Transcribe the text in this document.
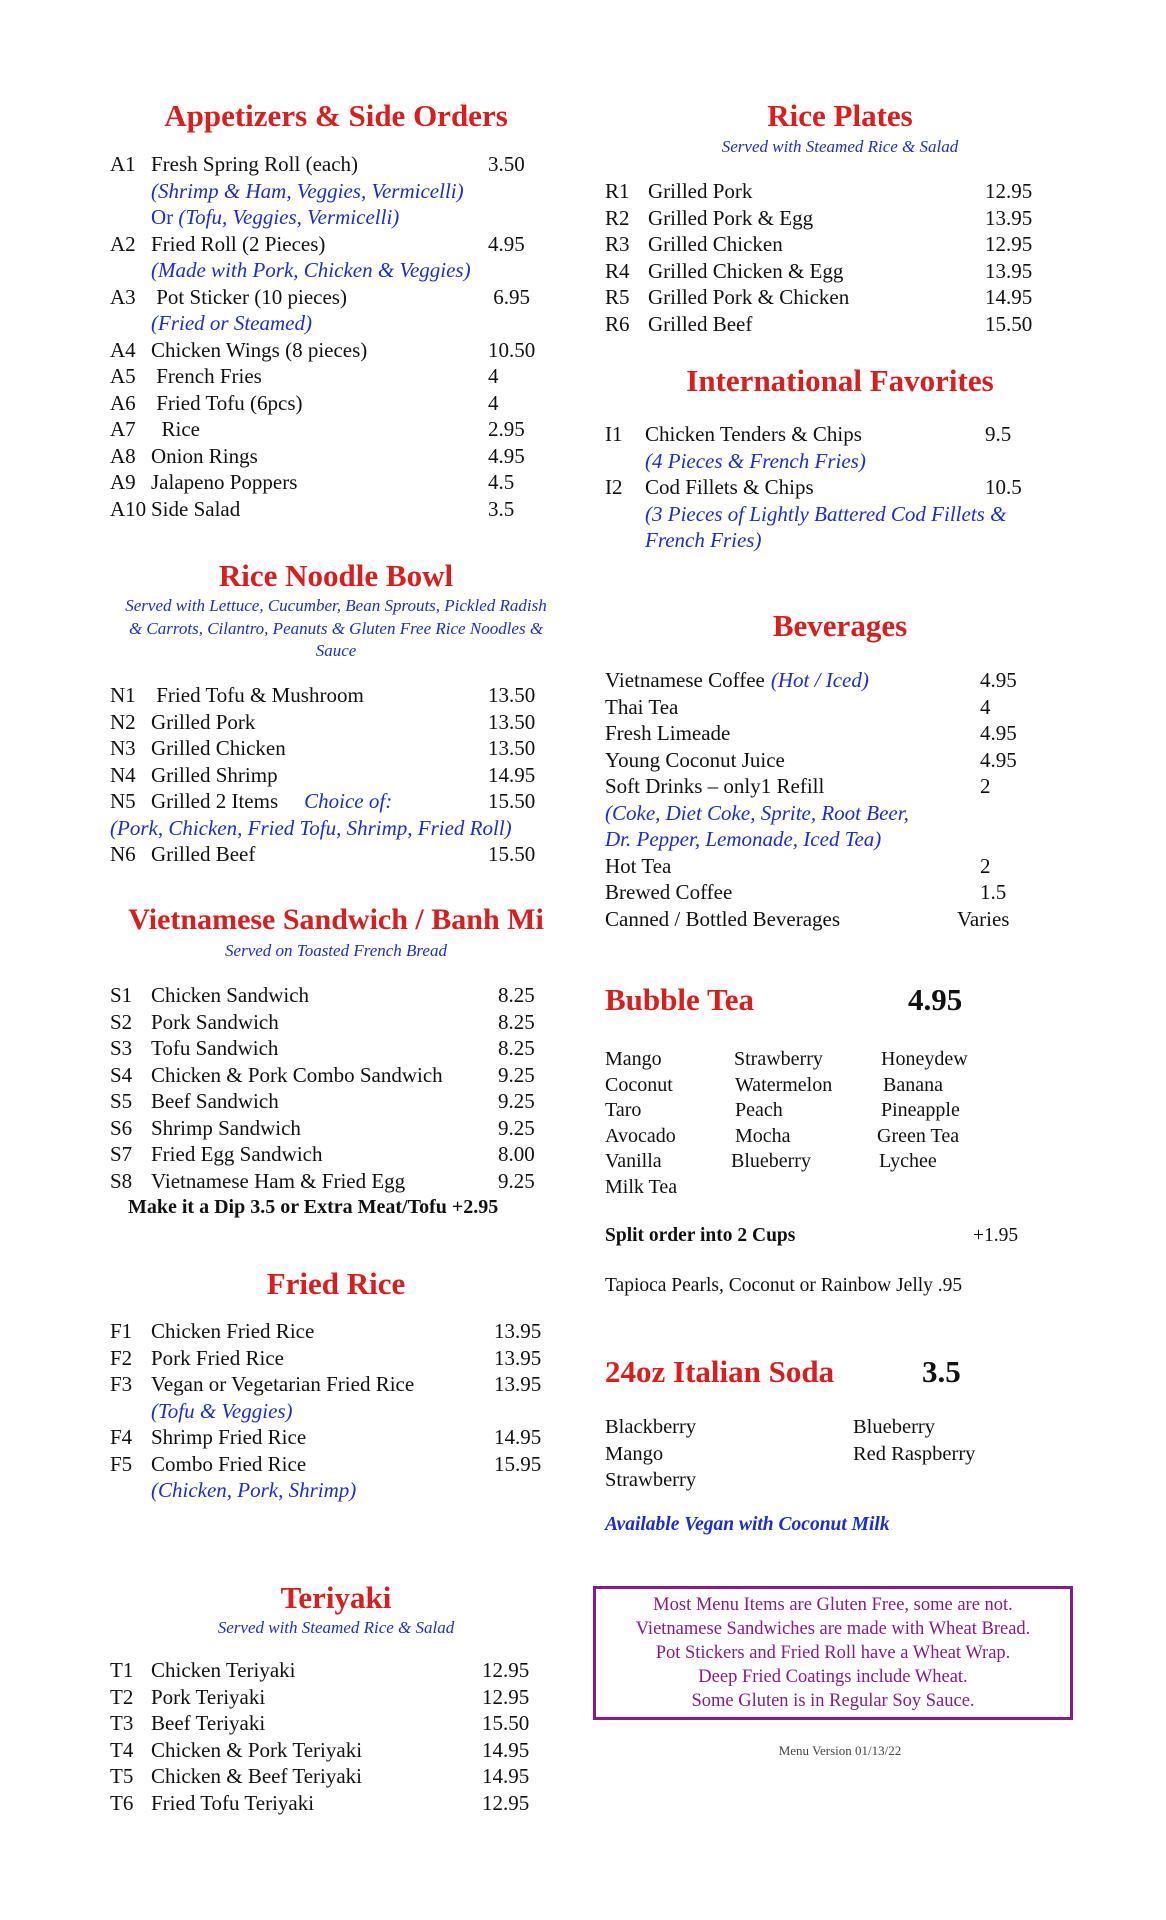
Appetizers & Side Orders
A1 Fresh Spring Roll (each)	3.50
(Shrimp & Ham, Veggies, Vermicelli)
Or (Tofu, Veggies, Vermicelli)
A2 Fried Roll (2 Pieces)	4.95
(Made with Pork, Chicken & Veggies)
A3 Pot Sticker (10 pieces)	6.95
(Fried or Steamed)
A4 Chicken Wings (8 pieces)	10.50
A5 French Fries	4
A6 Fried Tofu (6pcs)	4
A7 Rice	2.95
A8 Onion Rings	4.95
A9 Jalapeno Poppers	4.5
A10 Side Salad	3.5
Rice Noodle Bowl
Served with Lettuce, Cucumber, Bean Sprouts, Pickled Radish & Carrots, Cilantro, Peanuts & Gluten Free Rice Noodles & Sauce
N1 Fried Tofu & Mushroom	13.50
N2 Grilled Pork	13.50
N3 Grilled Chicken	13.50
N4 Grilled Shrimp	14.95
N5 Grilled 2 Items Choice of:	15.50
(Pork, Chicken, Fried Tofu, Shrimp, Fried Roll)
N6 Grilled Beef	15.50
Vietnamese Sandwich / Banh Mi
Served on Toasted French Bread
S1 Chicken Sandwich	8.25
S2 Pork Sandwich	8.25
S3 Tofu Sandwich	8.25
S4 Chicken & Pork Combo Sandwich	9.25
S5 Beef Sandwich	9.25
S6 Shrimp Sandwich	9.25
S7 Fried Egg Sandwich	8.00
S8 Vietnamese Ham & Fried Egg	9.25
Make it a Dip 3.5 or Extra Meat/Tofu +2.95
Fried Rice
F1 Chicken Fried Rice	13.95
F2 Pork Fried Rice	13.95
F3 Vegan or Vegetarian Fried Rice	13.95
(Tofu & Veggies)
F4 Shrimp Fried Rice	14.95
F5 Combo Fried Rice	15.95
(Chicken, Pork, Shrimp)
Teriyaki
Served with Steamed Rice & Salad
T1 Chicken Teriyaki	12.95
T2 Pork Teriyaki	12.95
T3 Beef Teriyaki	15.50
T4 Chicken & Pork Teriyaki	14.95
T5 Chicken & Beef Teriyaki	14.95
T6 Fried Tofu Teriyaki	12.95
Rice Plates
Served with Steamed Rice & Salad
R1 Grilled Pork	12.95
R2 Grilled Pork & Egg	13.95
R3 Grilled Chicken	12.95
R4 Grilled Chicken & Egg	13.95
R5 Grilled Pork & Chicken	14.95
R6 Grilled Beef	15.50
International Favorites
I1 Chicken Tenders & Chips	9.5
(4 Pieces & French Fries)
I2 Cod Fillets & Chips	10.5
(3 Pieces of Lightly Battered Cod Fillets &
French Fries)
Beverages
Vietnamese Coffee (Hot / Iced)	4.95
Thai Tea	4
Fresh Limeade	4.95
Young Coconut Juice	4.95
Soft Drinks – only1 Refill	2
(Coke, Diet Coke, Sprite, Root Beer,
Dr. Pepper, Lemonade, Iced Tea)
Hot Tea	2
Brewed Coffee	1.5
Canned / Bottled Beverages	Varies
Bubble Tea	4.95
Mango	Strawberry	Honeydew
Coconut	Watermelon	Banana
Taro	Peach	Pineapple
Avocado	Mocha	Green Tea
Vanilla	Blueberry	Lychee
Milk Tea
Split order into 2 Cups	+1.95
Tapioca Pearls, Coconut or Rainbow Jelly .95
24oz Italian Soda	3.5
Blackberry	Blueberry
Mango	Red Raspberry
Strawberry
Available Vegan with Coconut Milk
Most Menu Items are Gluten Free, some are not.
Vietnamese Sandwiches are made with Wheat Bread.
Pot Stickers and Fried Roll have a Wheat Wrap.
Deep Fried Coatings include Wheat.
Some Gluten is in Regular Soy Sauce.
Menu Version 01/13/22
